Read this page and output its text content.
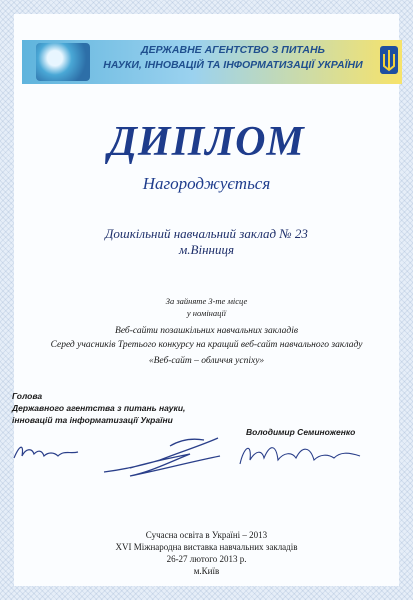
ДЕРЖАВНЕ АГЕНТСТВО З ПИТАНЬ
НАУКИ, ІННОВАЦІЙ ТА ІНФОРМАТИЗАЦІЇ УКРАЇНИ
ДИПЛОМ
Нагороджується
Дошкільний навчальний заклад № 23
м.Вінниця
За зайняте 3-те місце
у номінації
Веб-сайти позашкільних навчальних закладів
Серед учасників Третього конкурсу на кращий веб-сайт навчального закладу
«Веб-сайт – обличчя успіху»
Голова
Державного агентства з питань науки,
інновацій та інформатизації України
Володимир Семиноженко
Сучасна освіта в Україні – 2013
XVI Міжнародна виставка навчальних закладів
26-27 лютого 2013 р.
м.Київ
